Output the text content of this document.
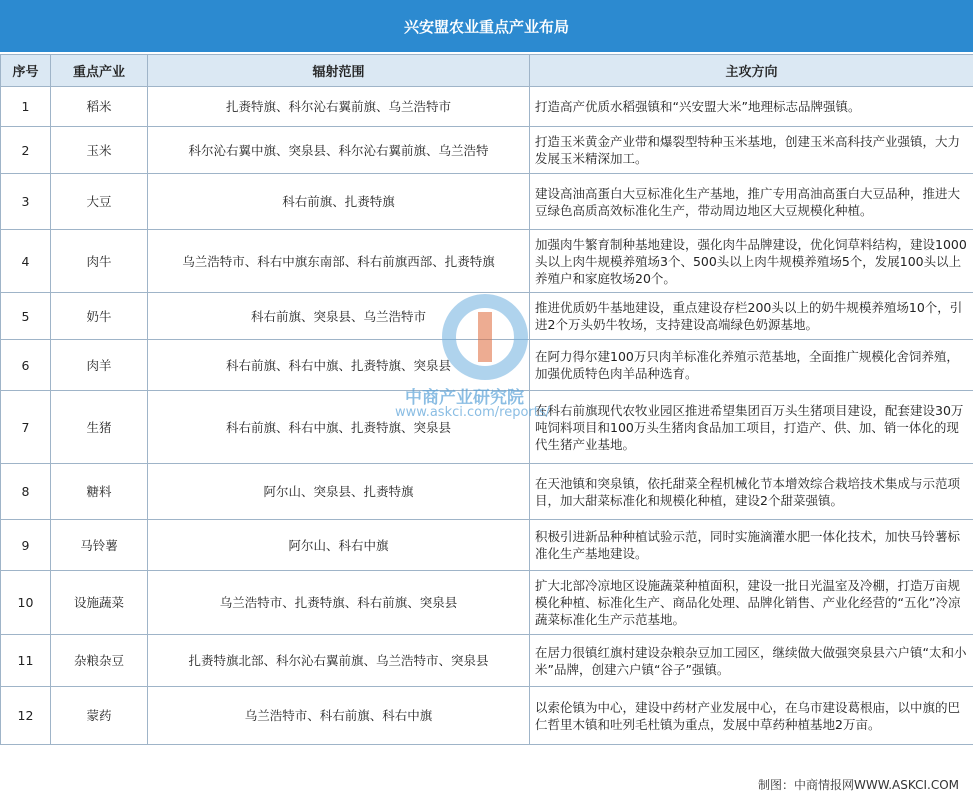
兴安盟农业重点产业布局
序号	重点产业	辐射范围	主攻方向
1	稻米	扎赉特旗、科尔沁右翼前旗、乌兰浩特市	打造高产优质水稻强镇和“兴安盟大米”地理标志品牌强镇。
2	玉米	科尔沁右翼中旗、突泉县、科尔沁右翼前旗、乌兰浩特	打造玉米黄金产业带和爆裂型特种玉米基地，创建玉米高科技产业强镇，大力发展玉米精深加工。
3	大豆	科右前旗、扎赉特旗	建设高油高蛋白大豆标准化生产基地，推广专用高油高蛋白大豆品种，推进大豆绿色高质高效标准化生产，带动周边地区大豆规模化种植。
4	肉牛	乌兰浩特市、科右中旗东南部、科右前旗西部、扎赉特旗	加强肉牛繁育制种基地建设，强化肉牛品牌建设，优化饲草料结构，建设1000头以上肉牛规模养殖场3个、500头以上肉牛规模养殖场5个，发展100头以上养殖户和家庭牧场20个。
5	奶牛	科右前旗、突泉县、乌兰浩特市	推进优质奶牛基地建设，重点建设存栏200头以上的奶牛规模养殖场10个，引进2个万头奶牛牧场，支持建设高端绿色奶源基地。
6	肉羊	科右前旗、科右中旗、扎赉特旗、突泉县	在阿力得尔建100万只肉羊标准化养殖示范基地，全面推广规模化舍饲养殖，加强优质特色肉羊品种选育。
7	生猪	科右前旗、科右中旗、扎赉特旗、突泉县	在科右前旗现代农牧业园区推进希望集团百万头生猪项目建设，配套建设30万吨饲料项目和100万头生猪肉食品加工项目，打造产、供、加、销一体化的现代生猪产业基地。
8	糖料	阿尔山、突泉县、扎赉特旗	在天池镇和突泉镇，依托甜菜全程机械化节本增效综合栽培技术集成与示范项目，加大甜菜标准化和规模化种植，建设2个甜菜强镇。
9	马铃薯	阿尔山、科右中旗	积极引进新品种种植试验示范，同时实施滴灌水肥一体化技术，加快马铃薯标准化生产基地建设。
10	设施蔬菜	乌兰浩特市、扎赉特旗、科右前旗、突泉县	扩大北部冷凉地区设施蔬菜种植面积，建设一批日光温室及冷棚，打造万亩规模化种植、标准化生产、商品化处理、品牌化销售、产业化经营的“五化”冷凉蔬菜标准化生产示范基地。
11	杂粮杂豆	扎赉特旗北部、科尔沁右翼前旗、乌兰浩特市、突泉县	在居力很镇红旗村建设杂粮杂豆加工园区，继续做大做强突泉县六户镇“太和小米”品牌，创建六户镇“谷子”强镇。
12	蒙药	乌兰浩特市、科右前旗、科右中旗	以索伦镇为中心，建设中药材产业发展中心，在乌市建设葛根庙，以中旗的巴仁哲里木镇和吐列毛杜镇为重点，发展中草药种植基地2万亩。
中商产业研究院
www.askci.com/reports/
制图：中商情报网WWW.ASKCI.COM
